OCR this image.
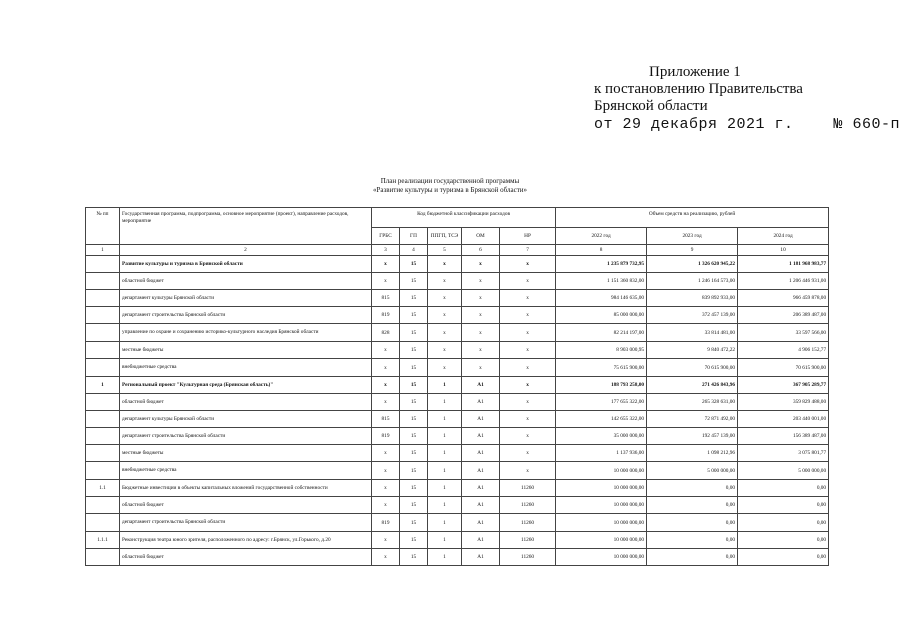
Приложение 1
к постановлению Правительства
Брянской области
от 29 декабря 2021 г.	№ 660-п
План реализации государственной программы
«Развитие культуры и туризма в Брянской области»
№ пп	Государственная программа, подпрограмма, основное мероприятие (проект), направление расходов, мероприятие	Код бюджетной классификации расходов					Объем средств на реализацию, рублей		
		ГРБС	ГП	ППГП, ТСЭ	ОМ	НР	2022 год	2023 год	2024 год
1	2	3	4	5	6	7	8	9	10
	Развитие культуры и туризма в Брянской области	x	15	x	x	x	1 235 879 732,95	1 326 620 945,22	1 181 968 983,77
	областной бюджет	x	15	x	x	x	1 151 360 832,00	1 246 164 573,00	1 206 446 931,00
	департамент культуры Брянской области	815	15	x	x	x	984 146 635,00	839 892 933,00	966 459 878,00
	департамент строительства Брянской области	819	15	x	x	x	85 000 000,00	372 457 139,00	206 389 487,00
	управление по охране и сохранению историко-культурного наследия Брянской области	828	15	x	x	x	82 214 197,00	33 814 481,00	33 597 566,00
	местные бюджеты	x	15	x	x	x	8 903 000,95	9 840 472,22	4 906 152,77
	внебюджетные средства	x	15	x	x	x	75 615 900,00	70 615 900,00	70 615 900,00
1	Региональный проект "Культурная среда (Брянская область)"	x	15	1	A1	x	188 793 258,00	271 426 843,96	367 905 289,77
	областной бюджет	x	15	1	A1	x	177 655 322,00	265 328 631,00	359 829 488,00
	департамент культуры Брянской области	815	15	1	A1	x	142 655 322,00	72 871 492,00	203 440 001,00
	департамент строительства Брянской области	819	15	1	A1	x	35 000 000,00	192 457 139,00	156 389 487,00
	местные бюджеты	x	15	1	A1	x	1 137 936,00	1 098 212,96	3 075 801,77
	внебюджетные средства	x	15	1	A1	x	10 000 000,00	5 000 000,00	5 000 000,00
1.1	Бюджетные инвестиции в объекты капитальных вложений государственной собственности	x	15	1	A1	11260	10 000 000,00	0,00	0,00
	областной бюджет	x	15	1	A1	11260	10 000 000,00	0,00	0,00
	департамент строительства Брянской области	819	15	1	A1	11260	10 000 000,00	0,00	0,00
1.1.1	Реконструкция театра юного зрителя, расположенного по адресу: г.Брянск, ул.Горького, д.20	x	15	1	A1	11260	10 000 000,00	0,00	0,00
	областной бюджет	x	15	1	A1	11260	10 000 000,00	0,00	0,00
